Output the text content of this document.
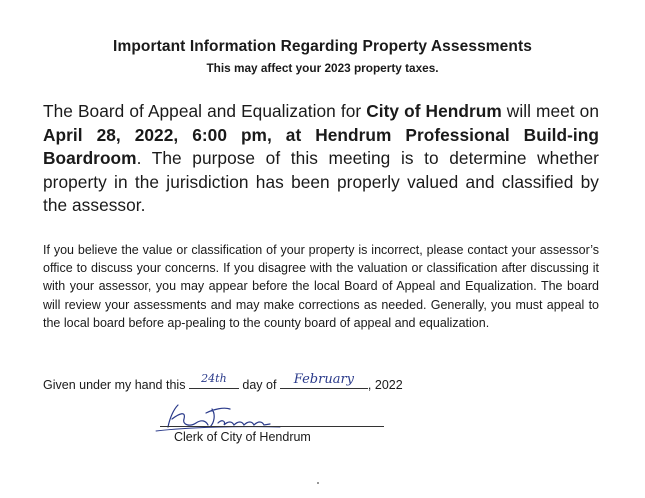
Important Information Regarding Property Assessments
This may affect your 2023 property taxes.
The Board of Appeal and Equalization for City of Hendrum will meet on April 28, 2022, 6:00 pm, at Hendrum Professional Build-ing Boardroom. The purpose of this meeting is to determine whether property in the jurisdiction has been properly valued and classified by the assessor.
If you believe the value or classification of your property is incorrect, please contact your assessor’s office to discuss your concerns. If you disagree with the valuation or classification after discussing it with your assessor, you may appear before the local Board of Appeal and Equalization. The board will review your assessments and may make corrections as needed. Generally, you must appeal to the local board before ap-pealing to the county board of appeal and equalization.
Given under my hand this	24th day of	February	, 2022
Clerk of City of Hendrum
